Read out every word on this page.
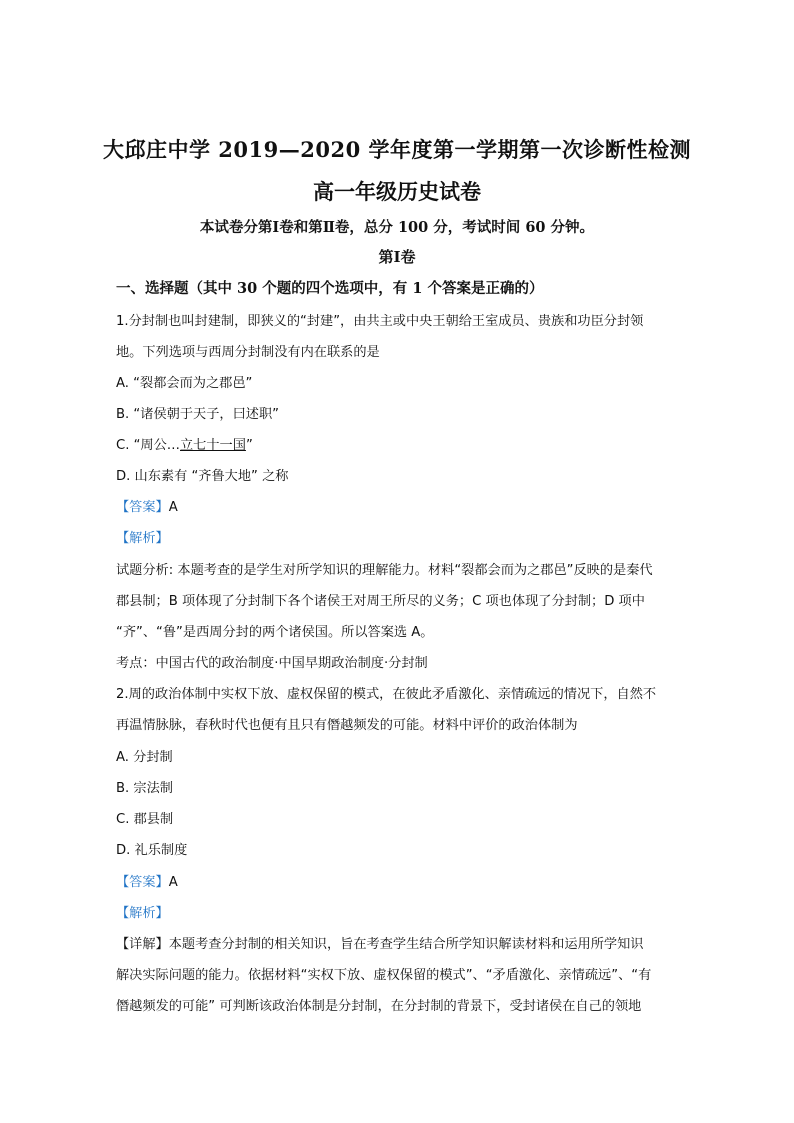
大邱庄中学 2019—2020 学年度第一学期第一次诊断性检测
高一年级历史试卷
本试卷分第Ⅰ卷和第Ⅱ卷，总分 100 分，考试时间 60 分钟。
第Ⅰ卷
一、选择题（其中 30 个题的四个选项中，有 1 个答案是正确的）
1.分封制也叫封建制，即狭义的“封建”，由共主或中央王朝给王室成员、贵族和功臣分封领
地。下列选项与西周分封制没有内在联系的是
A. “裂都会而为之郡邑”
B. “诸侯朝于天子，曰述职”
C. “周公…立七十一国”
D. 山东素有 “齐鲁大地” 之称
【答案】A
【解析】
试题分析: 本题考查的是学生对所学知识的理解能力。材料“裂都会而为之郡邑”反映的是秦代
郡县制；B 项体现了分封制下各个诸侯王对周王所尽的义务；C 项也体现了分封制；D 项中
“齐”、“鲁”是西周分封的两个诸侯国。所以答案选 A。
考点：中国古代的政治制度·中国早期政治制度·分封制
2.周的政治体制中实权下放、虚权保留的模式，在彼此矛盾激化、亲情疏远的情况下，自然不
再温情脉脉，春秋时代也便有且只有僭越频发的可能。材料中评价的政治体制为
A. 分封制
B. 宗法制
C. 郡县制
D. 礼乐制度
【答案】A
【解析】
【详解】本题考查分封制的相关知识，旨在考查学生结合所学知识解读材料和运用所学知识
解决实际问题的能力。依据材料“实权下放、虚权保留的模式”、“矛盾激化、亲情疏远”、“有
僭越频发的可能” 可判断该政治体制是分封制，在分封制的背景下，受封诸侯在自己的领地
